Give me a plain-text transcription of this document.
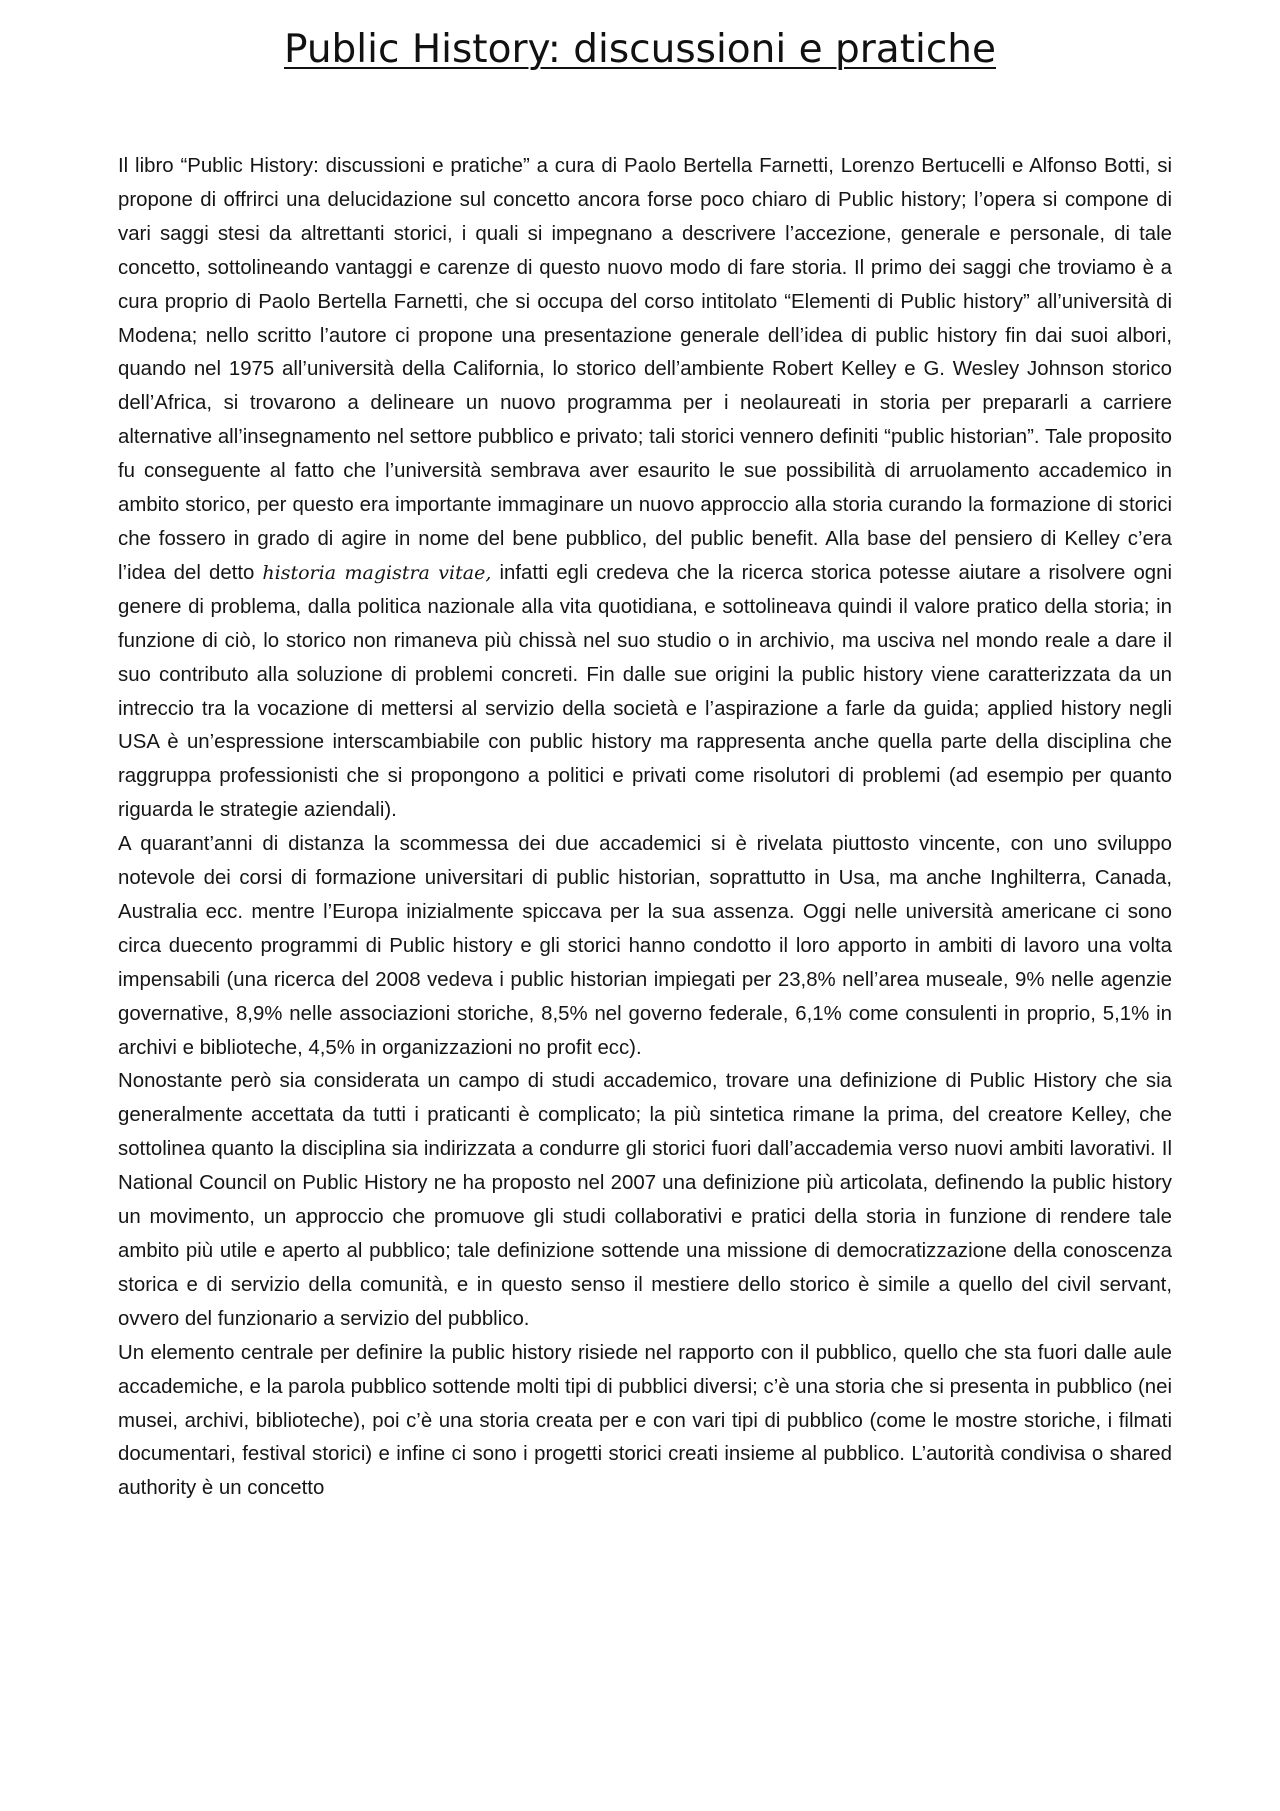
Public History: discussioni e pratiche

Il libro “Public History: discussioni e pratiche” a cura di Paolo Bertella Farnetti, Lorenzo Bertucelli e Alfonso Botti, si propone di offrirci una delucidazione sul concetto ancora forse poco chiaro di Public history; l’opera si compone di vari saggi stesi da altrettanti storici, i quali si impegnano a descrivere l’accezione, generale e personale, di tale concetto, sottolineando vantaggi e carenze di questo nuovo modo di fare storia. Il primo dei saggi che troviamo è a cura proprio di Paolo Bertella Farnetti, che si occupa del corso intitolato “Elementi di Public history” all’università di Modena; nello scritto l’autore ci propone una presentazione generale dell’idea di public history fin dai suoi albori, quando nel 1975 all’università della California, lo storico dell’ambiente Robert Kelley e G. Wesley Johnson storico dell’Africa, si trovarono a delineare un nuovo programma per i neolaureati in storia per prepararli a carriere alternative all’insegnamento nel settore pubblico e privato; tali storici vennero definiti “public historian”. Tale proposito fu conseguente al fatto che l’università sembrava aver esaurito le sue possibilità di arruolamento accademico in ambito storico, per questo era importante immaginare un nuovo approccio alla storia curando la formazione di storici che fossero in grado di agire in nome del bene pubblico, del public benefit. Alla base del pensiero di Kelley c’era l’idea del detto historia magistra vitae, infatti egli credeva che la ricerca storica potesse aiutare a risolvere ogni genere di problema, dalla politica nazionale alla vita quotidiana, e sottolineava quindi il valore pratico della storia; in funzione di ciò, lo storico non rimaneva più chissà nel suo studio o in archivio, ma usciva nel mondo reale a dare il suo contributo alla soluzione di problemi concreti. Fin dalle sue origini la public history viene caratterizzata da un intreccio tra la vocazione di mettersi al servizio della società e l’aspirazione a farle da guida; applied history negli USA è un’espressione interscambiabile con public history ma rappresenta anche quella parte della disciplina che raggruppa professionisti che si propongono a politici e privati come risolutori di problemi (ad esempio per quanto riguarda le strategie aziendali).

A quarant’anni di distanza la scommessa dei due accademici si è rivelata piuttosto vincente, con uno sviluppo notevole dei corsi di formazione universitari di public historian, soprattutto in Usa, ma anche Inghilterra, Canada, Australia ecc. mentre l’Europa inizialmente spiccava per la sua assenza. Oggi nelle università americane ci sono circa duecento programmi di Public history e gli storici hanno condotto il loro apporto in ambiti di lavoro una volta impensabili (una ricerca del 2008 vedeva i public historian impiegati per 23,8% nell’area museale, 9% nelle agenzie governative, 8,9% nelle associazioni storiche, 8,5% nel governo federale, 6,1% come consulenti in proprio, 5,1% in archivi e biblioteche, 4,5% in organizzazioni no profit ecc).

Nonostante però sia considerata un campo di studi accademico, trovare una definizione di Public History che sia generalmente accettata da tutti i praticanti è complicato; la più sintetica rimane la prima, del creatore Kelley, che sottolinea quanto la disciplina sia indirizzata a condurre gli storici fuori dall’accademia verso nuovi ambiti lavorativi. Il National Council on Public History ne ha proposto nel 2007 una definizione più articolata, definendo la public history un movimento, un approccio che promuove gli studi collaborativi e pratici della storia in funzione di rendere tale ambito più utile e aperto al pubblico; tale definizione sottende una missione di democratizzazione della conoscenza storica e di servizio della comunità, e in questo senso il mestiere dello storico è simile a quello del civil servant, ovvero del funzionario a servizio del pubblico.

Un elemento centrale per definire la public history risiede nel rapporto con il pubblico, quello che sta fuori dalle aule accademiche, e la parola pubblico sottende molti tipi di pubblici diversi; c’è una storia che si presenta in pubblico (nei musei, archivi, biblioteche), poi c’è una storia creata per e con vari tipi di pubblico (come le mostre storiche, i filmati documentari, festival storici) e infine ci sono i progetti storici creati insieme al pubblico. L’autorità condivisa o shared authority è un concetto
